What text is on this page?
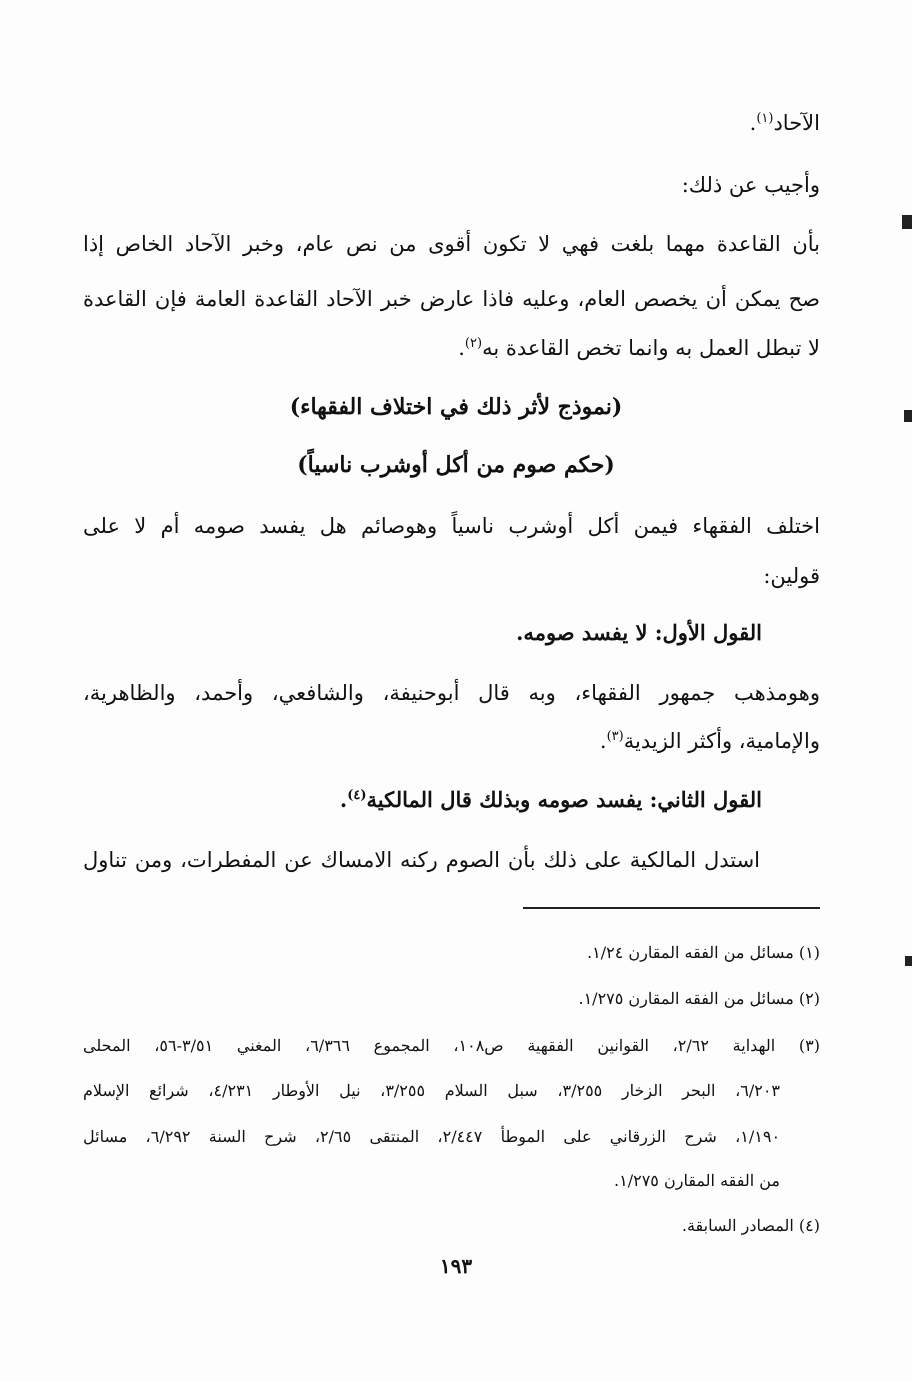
الآحاد$^{(١)}$.
وأجيب عن ذلك:
بأن القاعدة مهما بلغت فهي لا تكون أقوى من نص عام، وخبر الآحاد الخاص إذا
صح يمكن أن يخصص العام، وعليه فاذا عارض خبر الآحاد القاعدة العامة فإن القاعدة
لا تبطل العمل به وانما تخص القاعدة به$^{(٢)}$.
(نموذج لأثر ذلك في اختلاف الفقهاء)
(حكم صوم من أكل أوشرب ناسياً)
اختلف الفقهاء فيمن أكل أوشرب ناسياً وهوصائم هل يفسد صومه أم لا على
قولين:
القول الأول: لا يفسد صومه.
وهومذهب جمهور الفقهاء، وبه قال أبوحنيفة، والشافعي، وأحمد، والظاهرية،
والإمامية، وأكثر الزيدية$^{(٣)}$.
القول الثاني: يفسد صومه وبذلك قال المالكية$^{(٤)}$.
استدل المالكية على ذلك بأن الصوم ركنه الامساك عن المفطرات، ومن تناول
(١) مسائل من الفقه المقارن ١/٢٤.
(٢) مسائل من الفقه المقارن ١/٢٧٥.
(٣) الهداية ٢/٦٢، القوانين الفقهية ص١٠٨، المجموع ٦/٣٦٦، المغني ٣/٥١-٥٦، المحلى
٦/٢٠٣، البحر الزخار ٣/٢٥٥، سبل السلام ٣/٢٥٥، نيل الأوطار ٤/٢٣١، شرائع الإسلام
١/١٩٠، شرح الزرقاني على الموطأ ٢/٤٤٧، المنتقى ٢/٦٥، شرح السنة ٦/٢٩٢، مسائل
من الفقه المقارن ١/٢٧٥.
(٤) المصادر السابقة.
١٩٣
